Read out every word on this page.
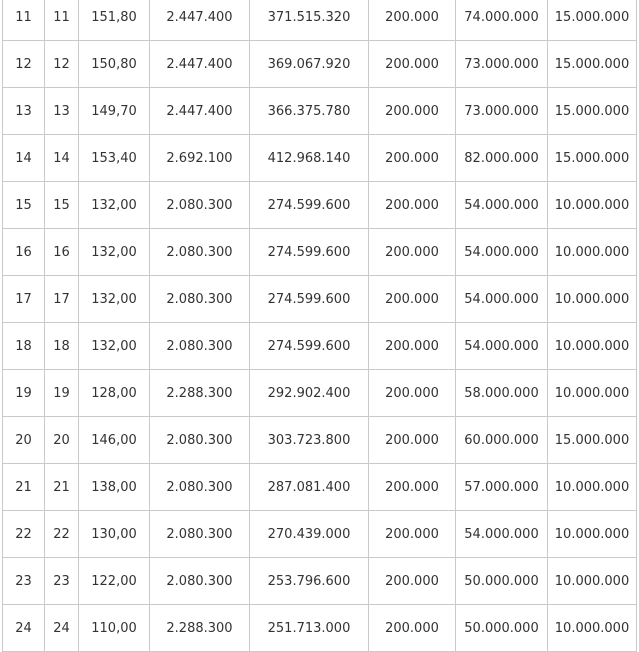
11	11	151,80	2.447.400	371.515.320	200.000	74.000.000	15.000.000
12	12	150,80	2.447.400	369.067.920	200.000	73.000.000	15.000.000
13	13	149,70	2.447.400	366.375.780	200.000	73.000.000	15.000.000
14	14	153,40	2.692.100	412.968.140	200.000	82.000.000	15.000.000
15	15	132,00	2.080.300	274.599.600	200.000	54.000.000	10.000.000
16	16	132,00	2.080.300	274.599.600	200.000	54.000.000	10.000.000
17	17	132,00	2.080.300	274.599.600	200.000	54.000.000	10.000.000
18	18	132,00	2.080.300	274.599.600	200.000	54.000.000	10.000.000
19	19	128,00	2.288.300	292.902.400	200.000	58.000.000	10.000.000
20	20	146,00	2.080.300	303.723.800	200.000	60.000.000	15.000.000
21	21	138,00	2.080.300	287.081.400	200.000	57.000.000	10.000.000
22	22	130,00	2.080.300	270.439.000	200.000	54.000.000	10.000.000
23	23	122,00	2.080.300	253.796.600	200.000	50.000.000	10.000.000
24	24	110,00	2.288.300	251.713.000	200.000	50.000.000	10.000.000
